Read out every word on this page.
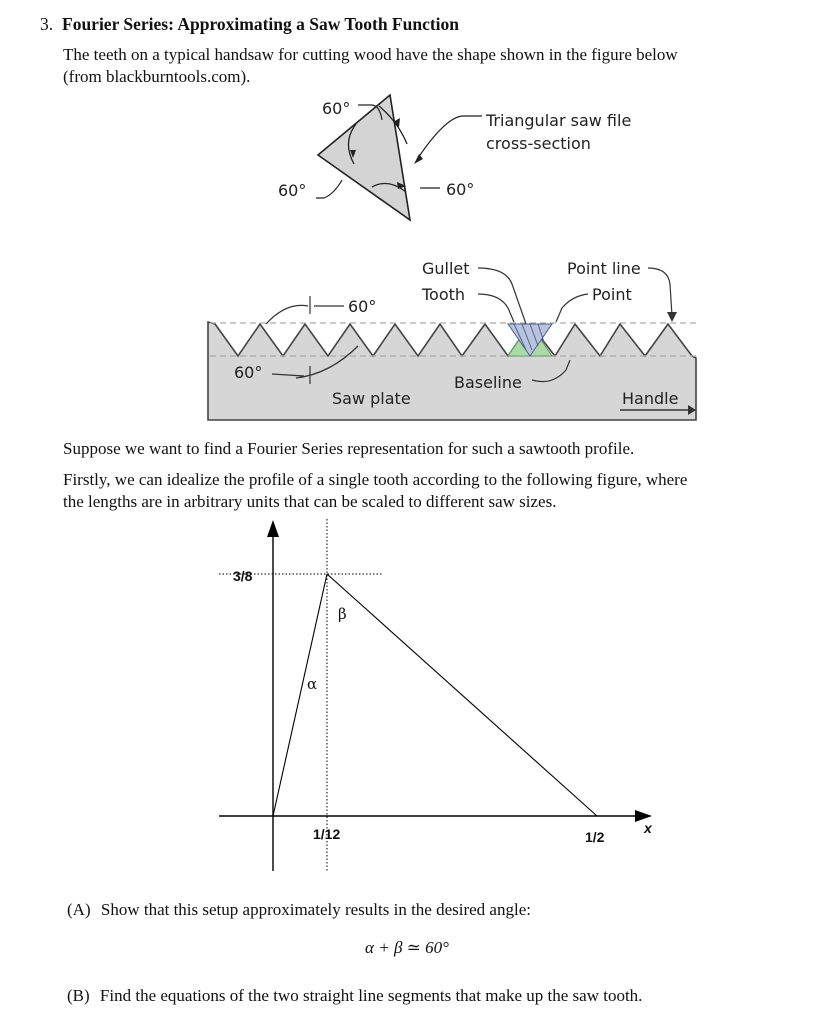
3. Fourier Series: Approximating a Saw Tooth Function
The teeth on a typical handsaw for cutting wood have the shape shown in the figure below
(from blackburntools.com).
60°
60°	60°
Triangular saw file
cross-section
Gullet
Tooth
Point line
Point
60°
60°
Baseline
Saw plate	Handle
Suppose we want to find a Fourier Series representation for such a sawtooth profile.
Firstly, we can idealize the profile of a single tooth according to the following figure, where
the lengths are in arbitrary units that can be scaled to different saw sizes.
3/8
1/12	1/2
x
α
β
(A) Show that this setup approximately results in the desired angle:
α + β ≃ 60°
(B) Find the equations of the two straight line segments that make up the saw tooth.
